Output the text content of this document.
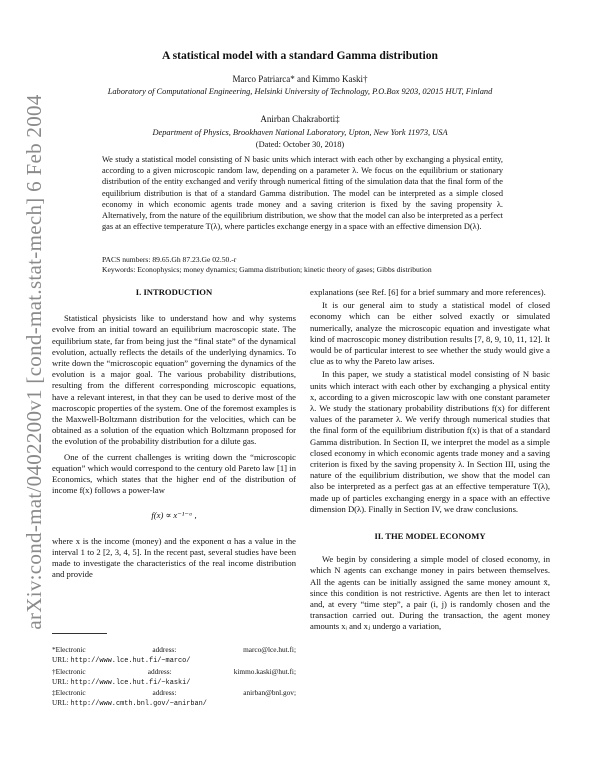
arXiv:cond-mat/0402200v1 [cond-mat.stat-mech] 6 Feb 2004
A statistical model with a standard Gamma distribution
Marco Patriarca* and Kimmo Kaski†
Laboratory of Computational Engineering, Helsinki University of Technology, P.O.Box 9203, 02015 HUT, Finland
Anirban Chakraborti‡
Department of Physics, Brookhaven National Laboratory, Upton, New York 11973, USA
(Dated: October 30, 2018)

We study a statistical model consisting of N basic units which interact with each other by exchanging a physical entity, according to a given microscopic random law, depending on a parameter λ. We focus on the equilibrium or stationary distribution of the entity exchanged and verify through numerical fitting of the simulation data that the final form of the equilibrium distribution is that of a standard Gamma distribution. The model can be interpreted as a simple closed economy in which economic agents trade money and a saving criterion is fixed by the saving propensity λ. Alternatively, from the nature of the equilibrium distribution, we show that the model can also be interpreted as a perfect gas at an effective temperature T(λ), where particles exchange energy in a space with an effective dimension D(λ).

PACS numbers: 89.65.Gh 87.23.Ge 02.50.-r
Keywords: Econophysics; money dynamics; Gamma distribution; kinetic theory of gases; Gibbs distribution
I. INTRODUCTION

Statistical physicists like to understand how and why systems evolve from an initial toward an equilibrium macroscopic state. The equilibrium state, far from being just the “final state” of the dynamical evolution, actually reflects the details of the underlying dynamics. To write down the “microscopic equation” governing the dynamics of the evolution is a major goal. The various probability distributions, resulting from the different corresponding microscopic equations, have a relevant interest, in that they can be used to derive most of the macroscopic properties of the system. One of the foremost examples is the Maxwell-Boltzmann distribution for the velocities, which can be obtained as a solution of the equation which Boltzmann proposed for the evolution of the probability distribution for a dilute gas.

One of the current challenges is writing down the “microscopic equation” which would correspond to the century old Pareto law [1] in Economics, which states that the higher end of the distribution of income f(x) follows a power-law

f(x) ∝ x⁻¹⁻ᵅ ,

where x is the income (money) and the exponent α has a value in the interval 1 to 2 [2, 3, 4, 5]. In the recent past, several studies have been made to investigate the characteristics of the real income distribution and provide

*Electronic	address:	marco@lce.hut.fi;
URL: http://www.lce.hut.fi/~marco/
†Electronic	address:	kimmo.kaski@hut.fi;
URL: http://www.lce.hut.fi/~kaski/
‡Electronic	address:	anirban@bnl.gov;
URL: http://www.cmth.bnl.gov/~anirban/

explanations (see Ref. [6] for a brief summary and more references).

It is our general aim to study a statistical model of closed economy which can be either solved exactly or simulated numerically, analyze the microscopic equation and investigate what kind of macroscopic money distribution results [7, 8, 9, 10, 11, 12]. It would be of particular interest to see whether the study would give a clue as to why the Pareto law arises.

In this paper, we study a statistical model consisting of N basic units which interact with each other by exchanging a physical entity x, according to a given microscopic law with one constant parameter λ. We study the stationary probability distributions f(x) for different values of the parameter λ. We verify through numerical studies that the final form of the equilibrium distribution f(x) is that of a standard Gamma distribution. In Section II, we interpret the model as a simple closed economy in which economic agents trade money and a saving criterion is fixed by the saving propensity λ. In Section III, using the nature of the equilibrium distribution, we show that the model can also be interpreted as a perfect gas at an effective temperature T(λ), made up of particles exchanging energy in a space with an effective dimension D(λ). Finally in Section IV, we draw conclusions.

II. THE MODEL ECONOMY

We begin by considering a simple model of closed economy, in which N agents can exchange money in pairs between themselves. All the agents can be initially assigned the same money amount x̄, since this condition is not restrictive. Agents are then let to interact and, at every “time step”, a pair (i, j) is randomly chosen and the transaction carried out. During the transaction, the agent money amounts xᵢ and xⱼ undergo a variation,
